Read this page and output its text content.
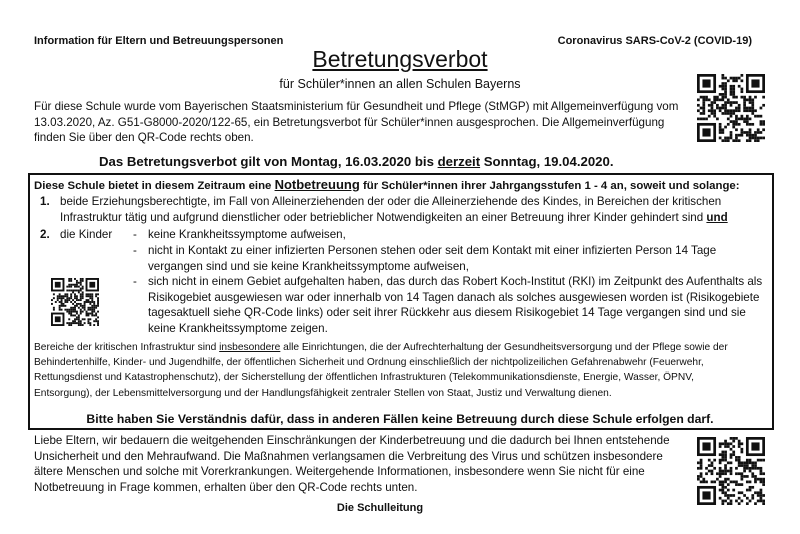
Information für Eltern und Betreuungspersonen	Coronavirus SARS-CoV-2 (COVID-19)
Betretungsverbot
für Schüler*innen an allen Schulen Bayerns
Für diese Schule wurde vom Bayerischen Staatsministerium für Gesundheit und Pflege (StMGP) mit Allgemeinverfügung vom
13.03.2020, Az. G51-G8000-2020/122-65, ein Betretungsverbot für Schüler*innen ausgesprochen. Die Allgemeinverfügung
finden Sie über den QR-Code rechts oben.
Das Betretungsverbot gilt von Montag, 16.03.2020 bis derzeit Sonntag, 19.04.2020.
Diese Schule bietet in diesem Zeitraum eine Notbetreuung für Schüler*innen ihrer Jahrgangsstufen 1 - 4 an, soweit und solange:
1. beide Erziehungsberechtigte, im Fall von Alleinerziehenden der oder die Alleinerziehende des Kindes, in Bereichen der kritischen
Infrastruktur tätig und aufgrund dienstlicher oder betrieblicher Notwendigkeiten an einer Betreuung ihrer Kinder gehindert sind und
2. die Kinder - keine Krankheitssymptome aufweisen,
- nicht in Kontakt zu einer infizierten Personen stehen oder seit dem Kontakt mit einer infizierten Person 14 Tage
vergangen sind und sie keine Krankheitssymptome aufweisen,
- sich nicht in einem Gebiet aufgehalten haben, das durch das Robert Koch-Institut (RKI) im Zeitpunkt des Aufenthalts als
Risikogebiet ausgewiesen war oder innerhalb von 14 Tagen danach als solches ausgewiesen worden ist (Risikogebiete
tagesaktuell siehe QR-Code links) oder seit ihrer Rückkehr aus diesem Risikogebiet 14 Tage vergangen sind und sie
keine Krankheitssymptome zeigen.
Bereiche der kritischen Infrastruktur sind insbesondere alle Einrichtungen, die der Aufrechterhaltung der Gesundheitsversorgung und der Pflege sowie der
Behindertenhilfe, Kinder- und Jugendhilfe, der öffentlichen Sicherheit und Ordnung einschließlich der nichtpolizeilichen Gefahrenabwehr (Feuerwehr,
Rettungsdienst und Katastrophenschutz), der Sicherstellung der öffentlichen Infrastrukturen (Telekommunikationsdienste, Energie, Wasser, ÖPNV,
Entsorgung), der Lebensmittelversorgung und der Handlungsfähigkeit zentraler Stellen von Staat, Justiz und Verwaltung dienen.
Bitte haben Sie Verständnis dafür, dass in anderen Fällen keine Betreuung durch diese Schule erfolgen darf.
Liebe Eltern, wir bedauern die weitgehenden Einschränkungen der Kinderbetreuung und die dadurch bei Ihnen entstehende
Unsicherheit und den Mehraufwand. Die Maßnahmen verlangsamen die Verbreitung des Virus und schützen insbesondere
ältere Menschen und solche mit Vorerkrankungen. Weitergehende Informationen, insbesondere wenn Sie nicht für eine
Notbetreuung in Frage kommen, erhalten über den QR-Code rechts unten.
Die Schulleitung
